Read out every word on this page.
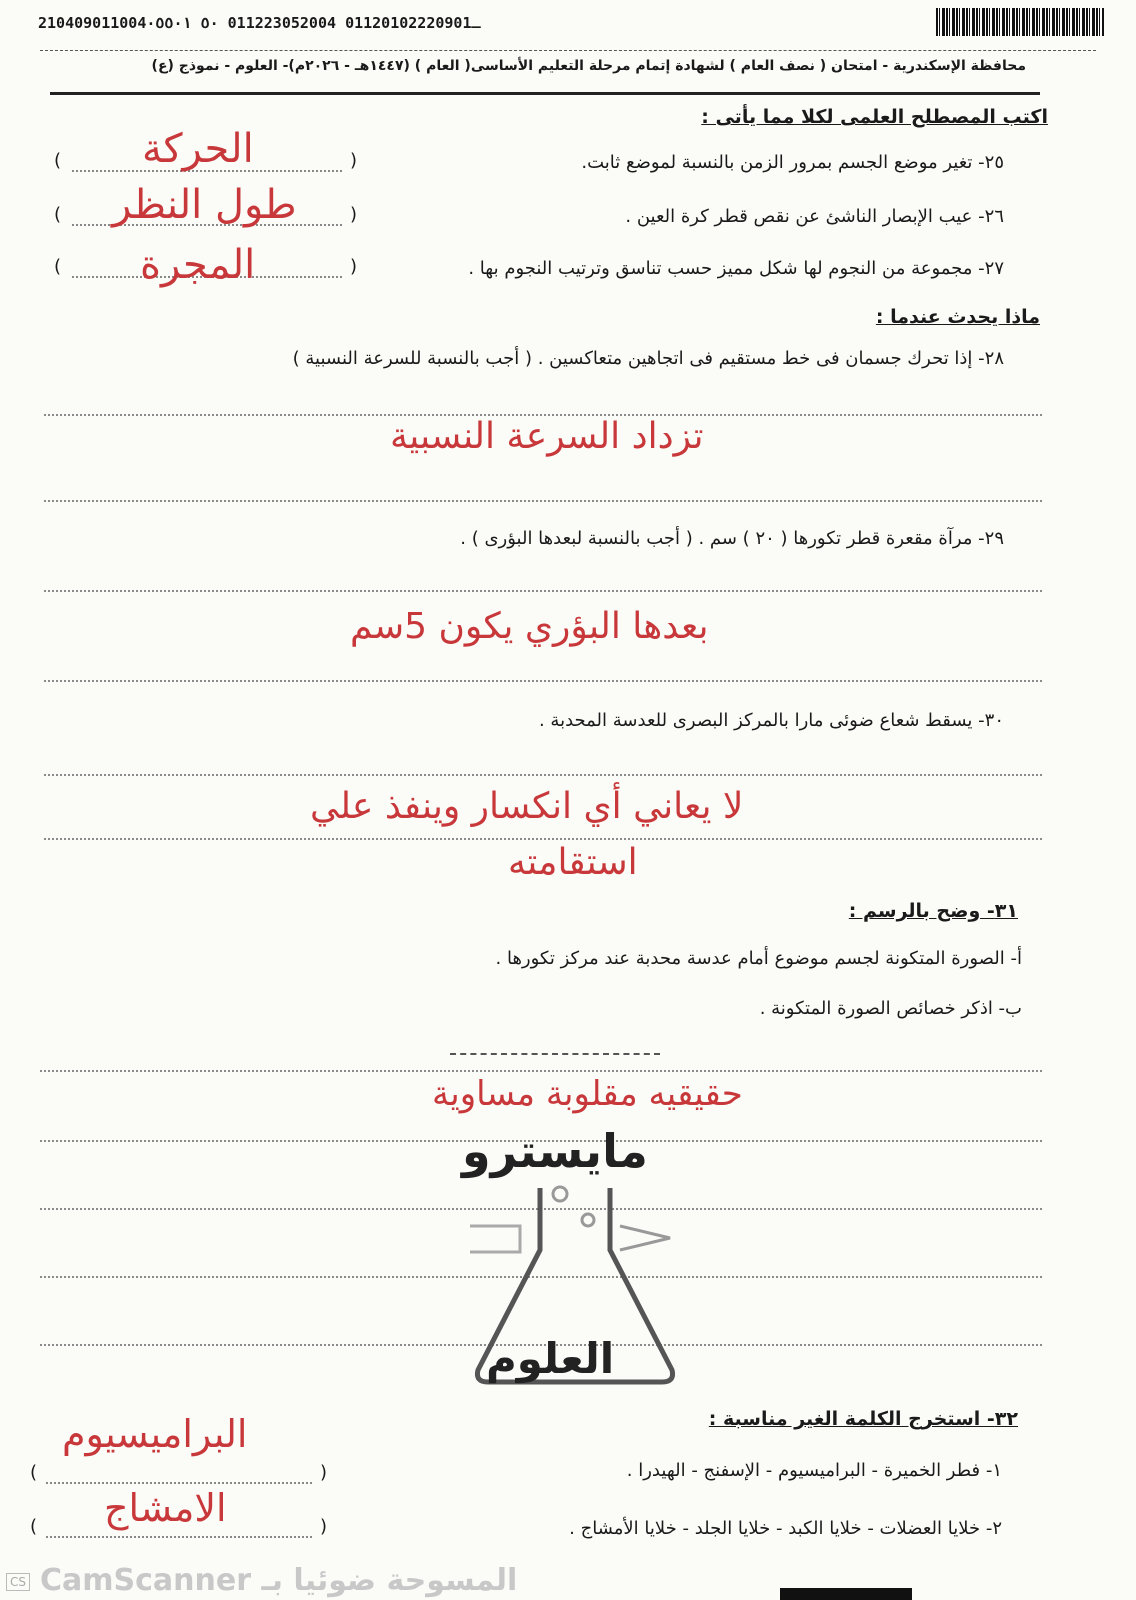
210409011004ـ01120102220901 011223052004 ٥٠ ٠٥٥٠١
محافظة الإسكندرية - امتحان ( نصف العام ) لشهادة إتمام مرحلة التعليم الأساسى( العام ) (١٤٤٧هـ - ٢٠٢٦م)- العلوم - نموذج (ع)
اكتب المصطلح العلمى لكلا مما يأتى :
٢٥- تغير موضع الجسم بمرور الزمن بالنسبة لموضع ثابت.
)
( الحركة
٢٦- عيب الإبصار الناشئ عن نقص قطر كرة العين .
)
( طول النظر
٢٧- مجموعة من النجوم لها شكل مميز حسب تناسق وترتيب النجوم بها .
)
( المجرة
ماذا يحدث عندما :
٢٨- إذا تحرك جسمان فى خط مستقيم فى اتجاهين متعاكسين . ( أجب بالنسبة للسرعة النسبية )
تزداد السرعة النسبية
٢٩- مرآة مقعرة قطر تكورها ( ٢٠ ) سم . ( أجب بالنسبة لبعدها البؤرى ) .
بعدها البؤري يكون 5سم
٣٠- يسقط شعاع ضوئى مارا بالمركز البصرى للعدسة المحدبة .
لا يعاني أي انكسار وينفذ علي
استقامته
٣١- وضح بالرسم :
أ- الصورة المتكونة لجسم موضوع أمام عدسة محدبة عند مركز تكورها .
ب- اذكر خصائص الصورة المتكونة .
حقيقيه مقلوبة مساوية
مايسترو
العلوم
٣٢- استخرج الكلمة الغير مناسبة :
١- فطر الخميرة - البراميسيوم - الإسفنج - الهيدرا .
)
(
البراميسيوم
٢- خلايا العضلات - خلايا الكبد - خلايا الجلد - خلايا الأمشاج .
)
( الامشاج
CS CamScanner المسوحة ضوئيا بـ
